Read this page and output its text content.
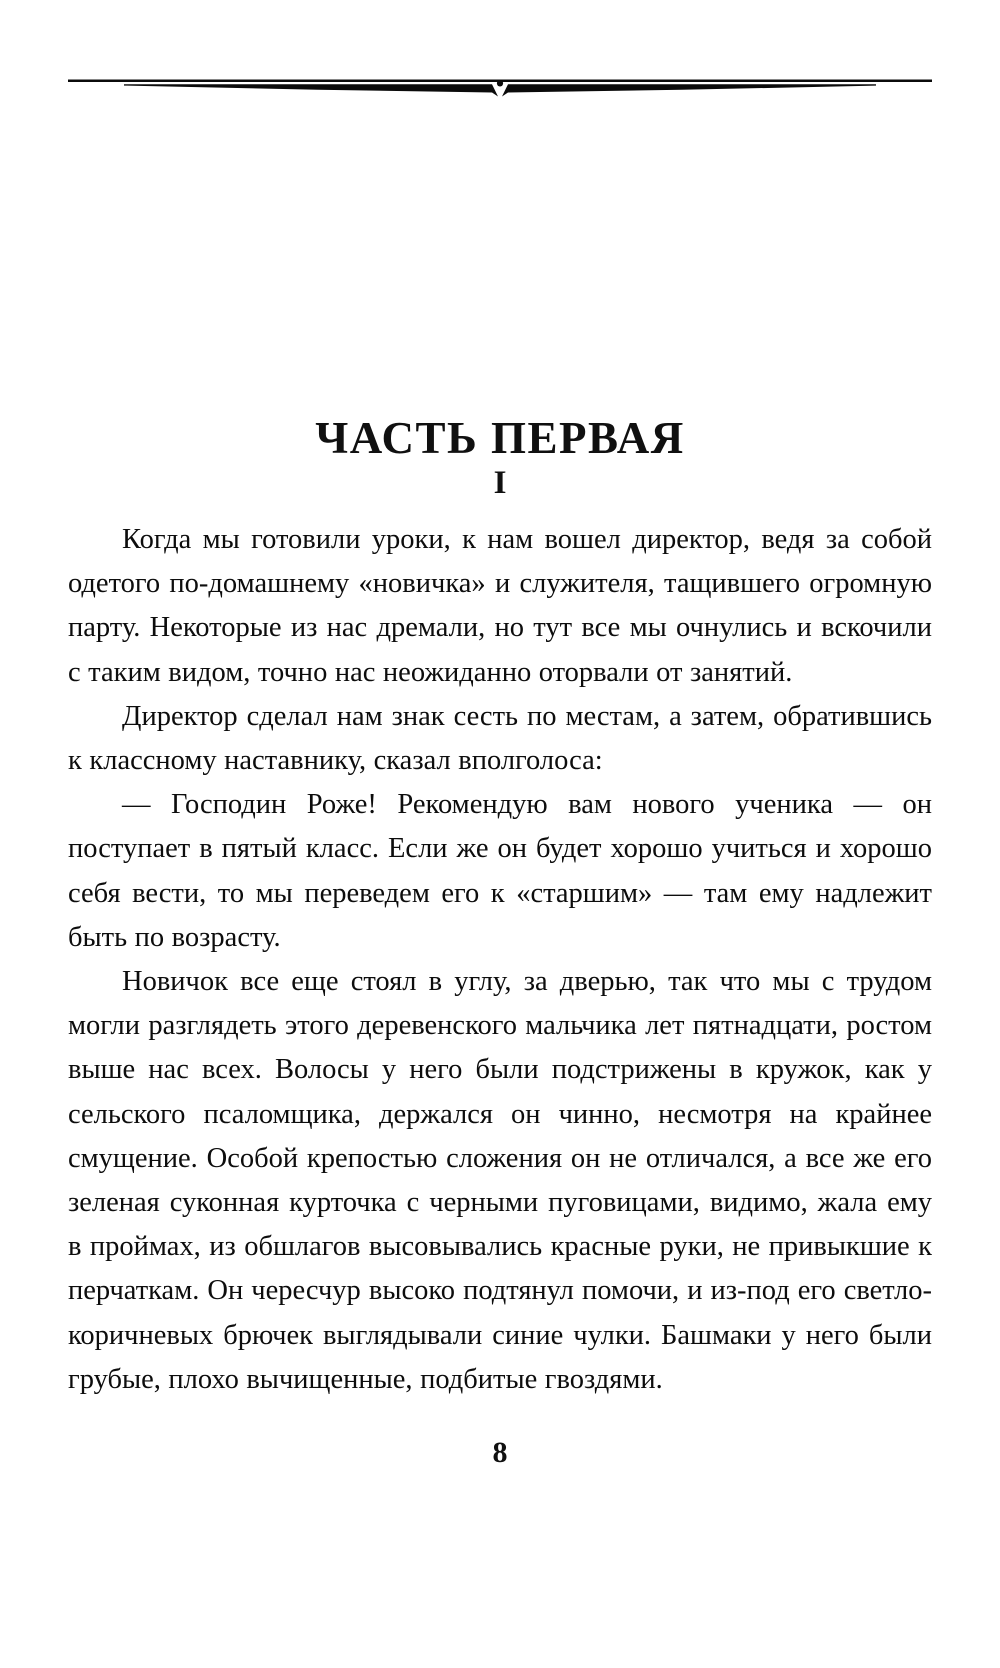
ЧАСТЬ ПЕРВАЯ
I

Когда мы готовили уроки, к нам вошел директор, ведя за собой одетого по-домашнему «новичка» и служителя, тащившего огромную парту. Некоторые из нас дремали, но тут все мы очнулись и вскочили с таким видом, точно нас неожиданно оторвали от занятий.

Директор сделал нам знак сесть по местам, а затем, обратившись к классному наставнику, сказал вполголоса:

— Господин Роже! Рекомендую вам нового ученика — он поступает в пятый класс. Если же он будет хорошо учиться и хорошо себя вести, то мы переведем его к «старшим» — там ему надлежит быть по возрасту.

Новичок все еще стоял в углу, за дверью, так что мы с трудом могли разглядеть этого деревенского мальчика лет пятнадцати, ростом выше нас всех. Волосы у него были подстрижены в кружок, как у сельского псаломщика, держался он чинно, несмотря на крайнее смущение. Особой крепостью сложения он не отличался, а все же его зеленая суконная курточка с черными пуговицами, видимо, жала ему в проймах, из обшлагов высовывались красные руки, не привыкшие к перчаткам. Он чересчур высоко подтянул помочи, и из-под его светло-коричневых брючек выглядывали синие чулки. Башмаки у него были грубые, плохо вычищенные, подбитые гвоздями.

8
